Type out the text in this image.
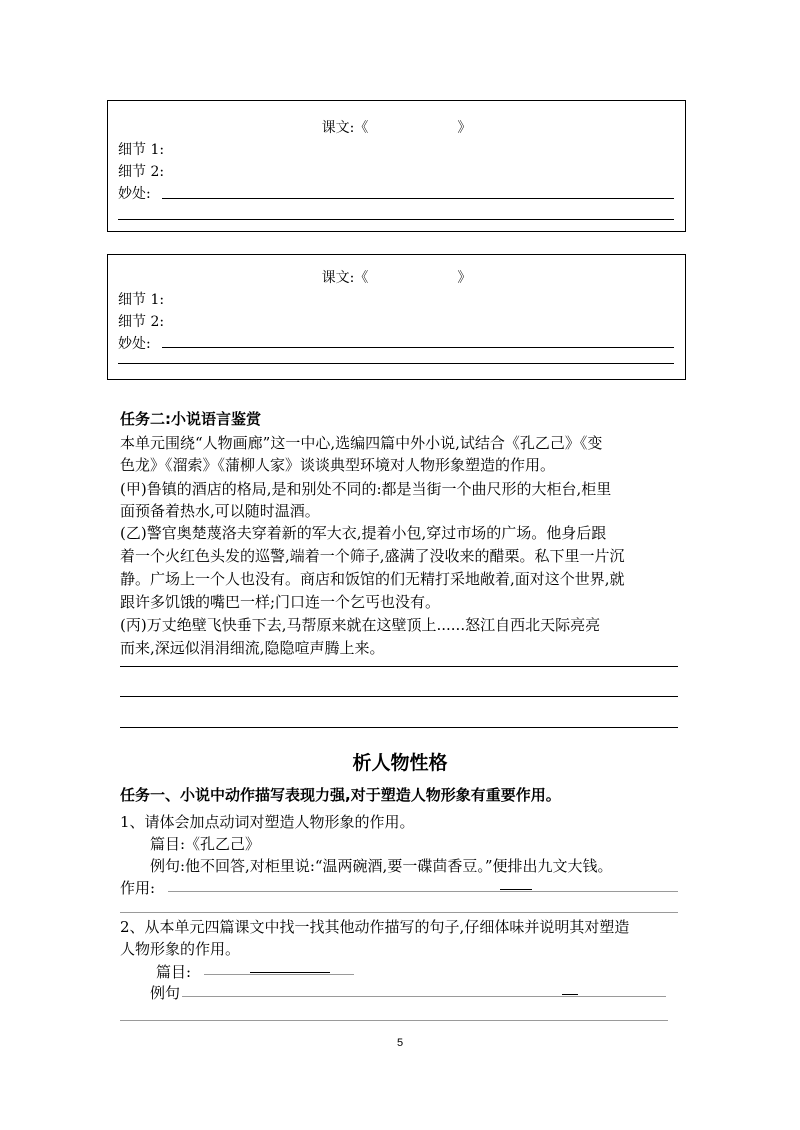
课文:《                    》
细节 1:
细节 2:
妙处:
课文:《                    》
细节 1:
细节 2:
妙处:
任务二:小说语言鉴赏
本单元围绕“人物画廊”这一中心,选编四篇中外小说,试结合《孔乙己》《变
色龙》《溜索》《蒲柳人家》谈谈典型环境对人物形象塑造的作用。
(甲)鲁镇的酒店的格局,是和别处不同的:都是当街一个曲尺形的大柜台,柜里
面预备着热水,可以随时温酒。
(乙)警官奥楚蔑洛夫穿着新的军大衣,提着小包,穿过市场的广场。他身后跟
着一个火红色头发的巡警,端着一个筛子,盛满了没收来的醋栗。私下里一片沉
静。广场上一个人也没有。商店和饭馆的们无精打采地敞着,面对这个世界,就
跟许多饥饿的嘴巴一样;门口连一个乞丐也没有。
(丙)万丈绝壁飞快垂下去,马帮原来就在这壁顶上......怒江自西北天际亮亮
而来,深远似涓涓细流,隐隐喧声腾上来。
析人物性格
任务一、小说中动作描写表现力强,对于塑造人物形象有重要作用。
1、请体会加点动词对塑造人物形象的作用。
篇目:《孔乙己》
例句:他不回答,对柜里说:“温两碗酒,要一碟茴香豆。”便排出九文大钱。
作用:
2、从本单元四篇课文中找一找其他动作描写的句子,仔细体味并说明其对塑造
人物形象的作用。
篇目:
例句
5
